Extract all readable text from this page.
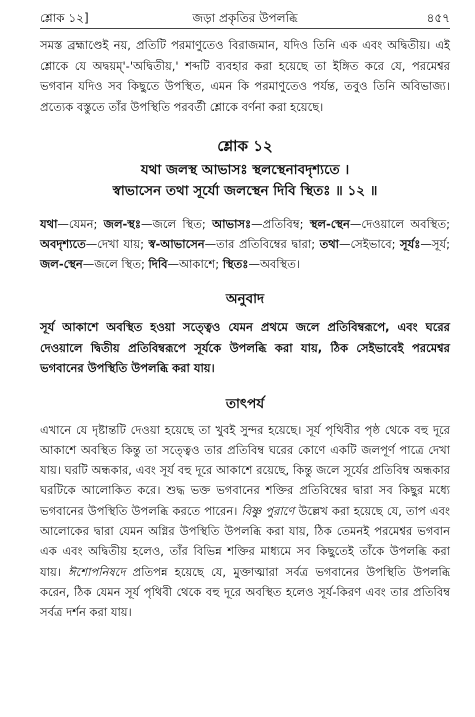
শ্লোক ১২]	জড়া প্রকৃতির উপলব্ধি	৪৫৭

সমস্ত ব্রহ্মাণ্ডেই নয়, প্রতিটি পরমাণুতেও বিরাজমান, যদিও তিনি এক এবং অদ্বিতীয়। এই শ্লোকে যে অদ্বয়ম্‌'-'অদ্বিতীয়,' শব্দটি ব্যবহার করা হয়েছে তা ইঙ্গিত করে যে, পরমেশ্বর ভগবান যদিও সব কিছুতে উপস্থিত, এমন কি পরমাণুতেও পর্যন্ত, তবুও তিনি অবিভাজ্য। প্রত্যেক বস্তুতে তাঁর উপস্থিতি পরবর্তী শ্লোকে বর্ণনা করা হয়েছে।

শ্লোক ১২
যথা জলস্থ আভাসঃ স্থলস্থেনাবদৃশ্যতে ।
স্বাভাসেন তথা সূর্যো জলস্থেন দিবি স্থিতঃ ॥ ১২ ॥

যথা—যেমন; জল-স্থঃ—জলে স্থিত; আভাসঃ—প্রতিবিম্ব; স্থল-স্থেন—দেওয়ালে অবস্থিত; অবদৃশ্যতে—দেখা যায়; স্ব-আভাসেন—তার প্রতিবিম্বের দ্বারা; তথা—সেইভাবে; সূর্যঃ—সূর্য; জল-স্থেন—জলে স্থিত; দিবি—আকাশে; স্থিতঃ—অবস্থিত।

অনুবাদ

সূর্য আকাশে অবস্থিত হওয়া সত্ত্বেও যেমন প্রথমে জলে প্রতিবিম্বরূপে, এবং ঘরের দেওয়ালে দ্বিতীয় প্রতিবিম্বরূপে সূর্যকে উপলব্ধি করা যায়, ঠিক সেইভাবেই পরমেশ্বর ভগবানের উপস্থিতি উপলব্ধি করা যায়।

তাৎপর্য

এখানে যে দৃষ্টান্তটি দেওয়া হয়েছে তা খুবই সুন্দর হয়েছে। সূর্য পৃথিবীর পৃষ্ঠ থেকে বহু দূরে আকাশে অবস্থিত কিন্তু তা সত্ত্বেও তার প্রতিবিম্ব ঘরের কোণে একটি জলপূর্ণ পাত্রে দেখা যায়। ঘরটি অন্ধকার, এবং সূর্য বহু দূরে আকাশে রয়েছে, কিন্তু জলে সূর্যের প্রতিবিম্ব অন্ধকার ঘরটিকে আলোকিত করে। শুদ্ধ ভক্ত ভগবানের শক্তির প্রতিবিম্বের দ্বারা সব কিছুর মধ্যে ভগবানের উপস্থিতি উপলব্ধি করতে পারেন। বিষ্ণু পুরাণে উল্লেখ করা হয়েছে যে, তাপ এবং আলোকের দ্বারা যেমন অগ্নির উপস্থিতি উপলব্ধি করা যায়, ঠিক তেমনই পরমেশ্বর ভগবান এক এবং অদ্বিতীয় হলেও, তাঁর বিভিন্ন শক্তির মাধ্যমে সব কিছুতেই তাঁকে উপলব্ধি করা যায়। ঈশোপনিষদে প্রতিপন্ন হয়েছে যে, মুক্তাত্মারা সর্বত্র ভগবানের উপস্থিতি উপলব্ধি করেন, ঠিক যেমন সূর্য পৃথিবী থেকে বহু দূরে অবস্থিত হলেও সূর্য-কিরণ এবং তার প্রতিবিম্ব সর্বত্র দর্শন করা যায়।
